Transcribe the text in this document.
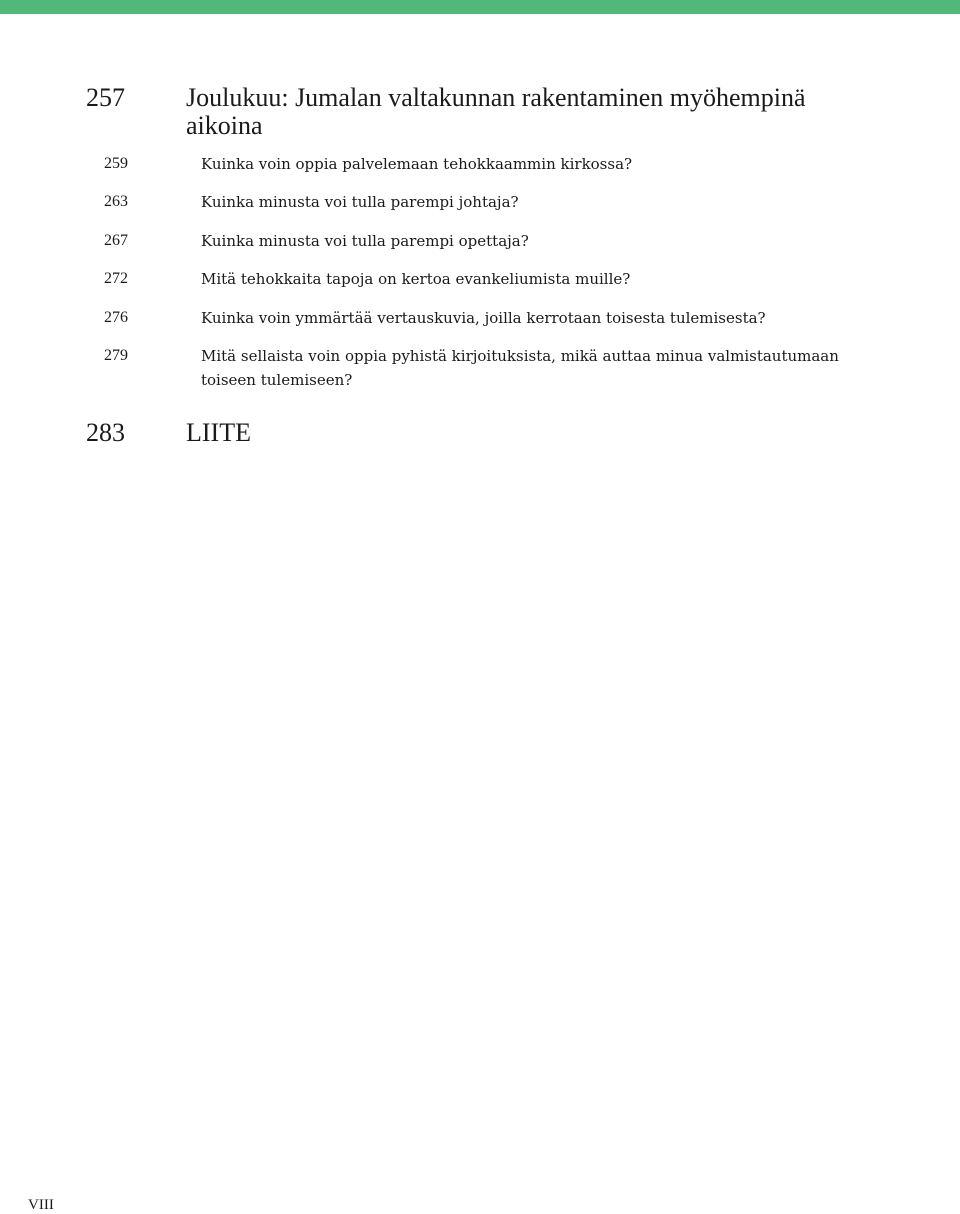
257 Joulukuu: Jumalan valtakunnan rakentaminen myöhempinä aikoina
259	Kuinka voin oppia palvelemaan tehokkaammin kirkossa?
263	Kuinka minusta voi tulla parempi johtaja?
267	Kuinka minusta voi tulla parempi opettaja?
272	Mitä tehokkaita tapoja on kertoa evankeliumista muille?
276	Kuinka voin ymmärtää vertauskuvia, joilla kerrotaan toisesta tulemisesta?
279	Mitä sellaista voin oppia pyhistä kirjoituksista, mikä auttaa minua valmistautumaan toiseen tulemiseen?
283 LIITE
VIII
